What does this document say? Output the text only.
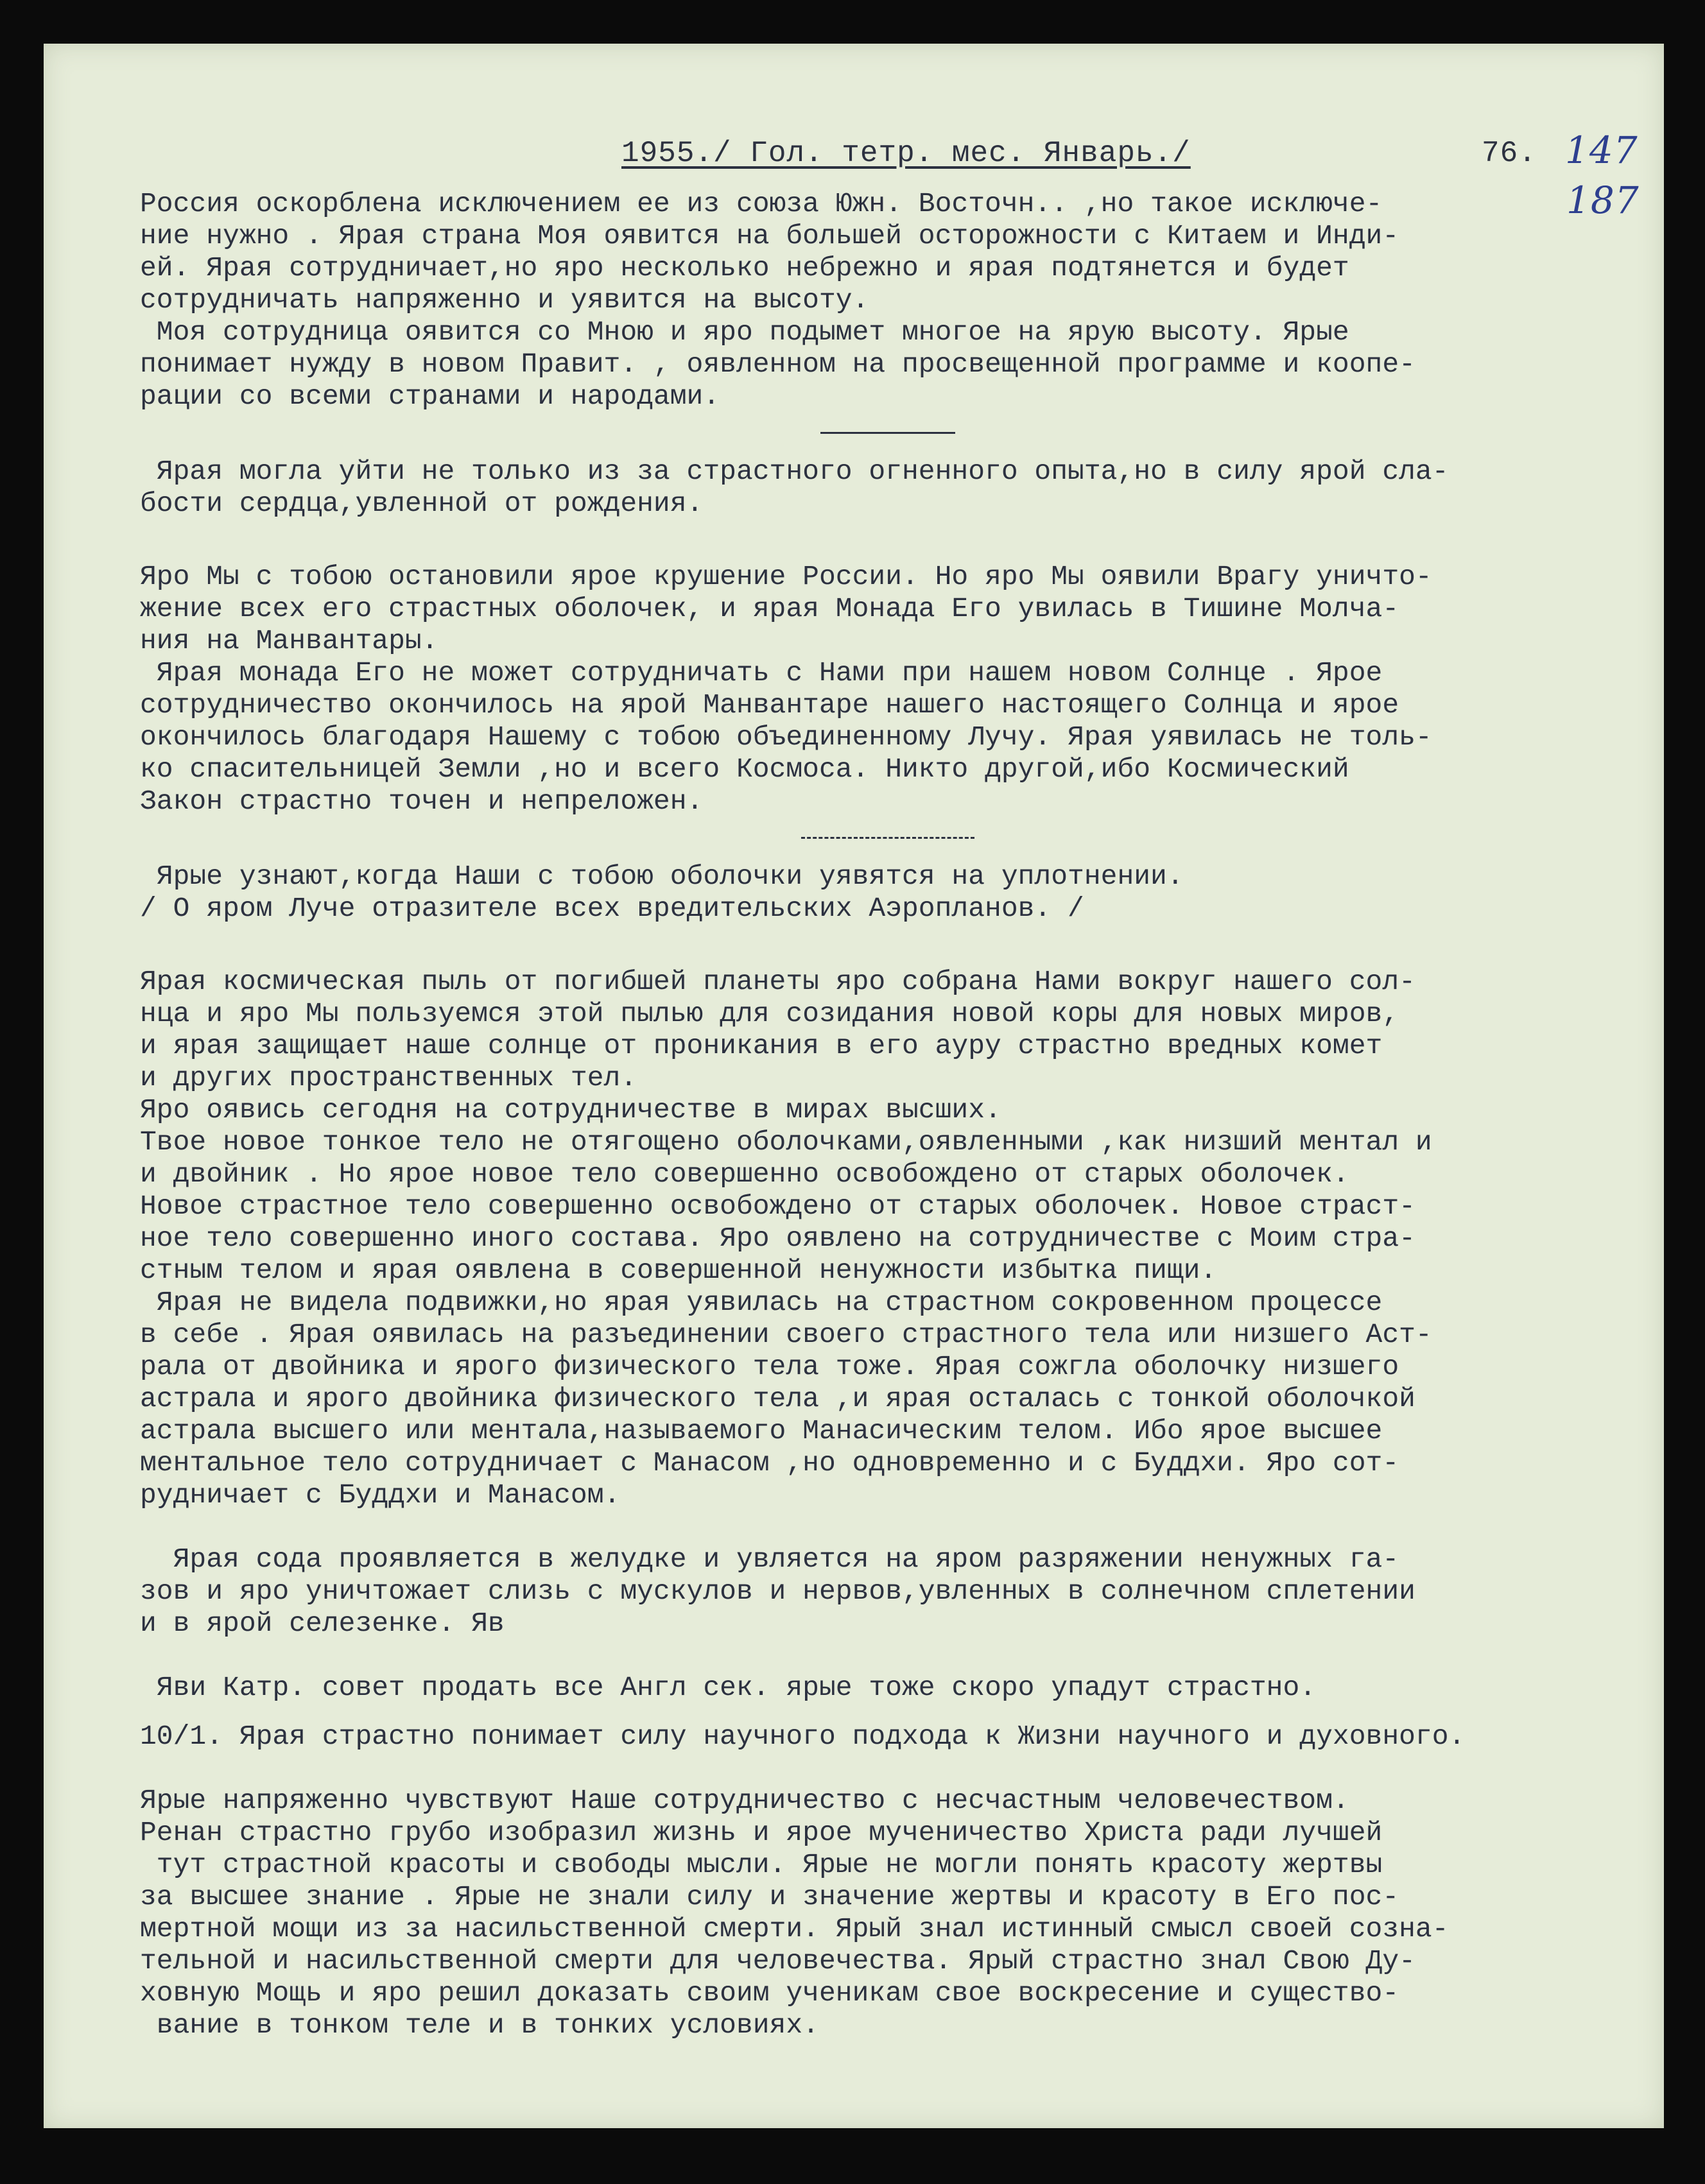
1955./ Гол. тетр. мес. Январь./	76. 147
187
Россия оскорблена исключением ее из союза Южн. Восточн.. ,но такое исключе-
ние нужно . Ярая страна Моя оявится на большей осторожности с Китаем и Инди-
ей. Ярая сотрудничает,но яро несколько небрежно и ярая подтянется и будет
сотрудничать напряженно и уявится на высоту.
Моя сотрудница оявится со Мною и яро подымет многое на ярую высоту. Ярые
понимает нужду в новом Правит. , оявленном на просвещенной программе и коопе-
рации со всеми странами и народами.
Ярая могла уйти не только из за страстного огненного опыта,но в силу ярой сла-
бости сердца,увленной от рождения.
Яро Мы с тобою остановили ярое крушение России. Но яро Мы оявили Врагу уничто-
жение всех его страстных оболочек, и ярая Монада Его увилась в Тишине Молча-
ния на Манвантары.
Ярая монада Его не может сотрудничать с Нами при нашем новом Солнце . Ярое
сотрудничество окончилось на ярой Манвантаре нашего настоящего Солнца и ярое
окончилось благодаря Нашему с тобою объединенному Лучу. Ярая уявилась не толь-
ко спасительницей Земли ,но и всего Космоса. Никто другой,ибо Космический
Закон страстно точен и непреложен.
Ярые узнают,когда Наши с тобою оболочки уявятся на уплотнении.
/ О яром Луче отразителе всех вредительских Аэропланов. /
Ярая космическая пыль от погибшей планеты яро собрана Нами вокруг нашего сол-
нца и яро Мы пользуемся этой пылью для созидания новой коры для новых миров,
и ярая защищает наше солнце от проникания в его ауру страстно вредных комет
и других пространственных тел.
Яро оявись сегодня на сотрудничестве в мирах высших.
Твое новое тонкое тело не отягощено оболочками,оявленными ,как низший ментал и
и двойник . Но ярое новое тело совершенно освобождено от старых оболочек.
Новое страстное тело совершенно освобождено от старых оболочек. Новое страст-
ное тело совершенно иного состава. Яро оявлено на сотрудничестве с Моим стра-
стным телом и ярая оявлена в совершенной ненужности избытка пищи.
Ярая не видела подвижки,но ярая уявилась на страстном сокровенном процессе
в себе . Ярая оявилась на разъединении своего страстного тела или низшего Аст-
рала от двойника и ярого физического тела тоже. Ярая сожгла оболочку низшего
астрала и ярого двойника физического тела ,и ярая осталась с тонкой оболочкой
астрала высшего или ментала,называемого Манасическим телом. Ибо ярое высшее
ментальное тело сотрудничает с Манасом ,но одновременно и с Буддхи. Яро сот-
рудничает с Буддхи и Манасом.
Ярая сода проявляется в желудке и увляется на яром разряжении ненужных га-
зов и яро уничтожает слизь с мускулов и нервов,увленных в солнечном сплетении
и в ярой селезенке. Яв
Яви Катр. совет продать все Англ сек. ярые тоже скоро упадут страстно.
10/1. Ярая страстно понимает силу научного подхода к Жизни научного и духовного.
Ярые напряженно чувствуют Наше сотрудничество с несчастным человечеством.
Ренан страстно грубо изобразил жизнь и ярое мученичество Христа ради лучшей
тут страстной красоты и свободы мысли. Ярые не могли понять красоту жертвы
за высшее знание . Ярые не знали силу и значение жертвы и красоту в Его пос-
мертной мощи из за насильственной смерти. Ярый знал истинный смысл своей созна-
тельной и насильственной смерти для человечества. Ярый страстно знал Свою Ду-
ховную Мощь и яро решил доказать своим ученикам свое воскресение и существо-
вание в тонком теле и в тонких условиях.
